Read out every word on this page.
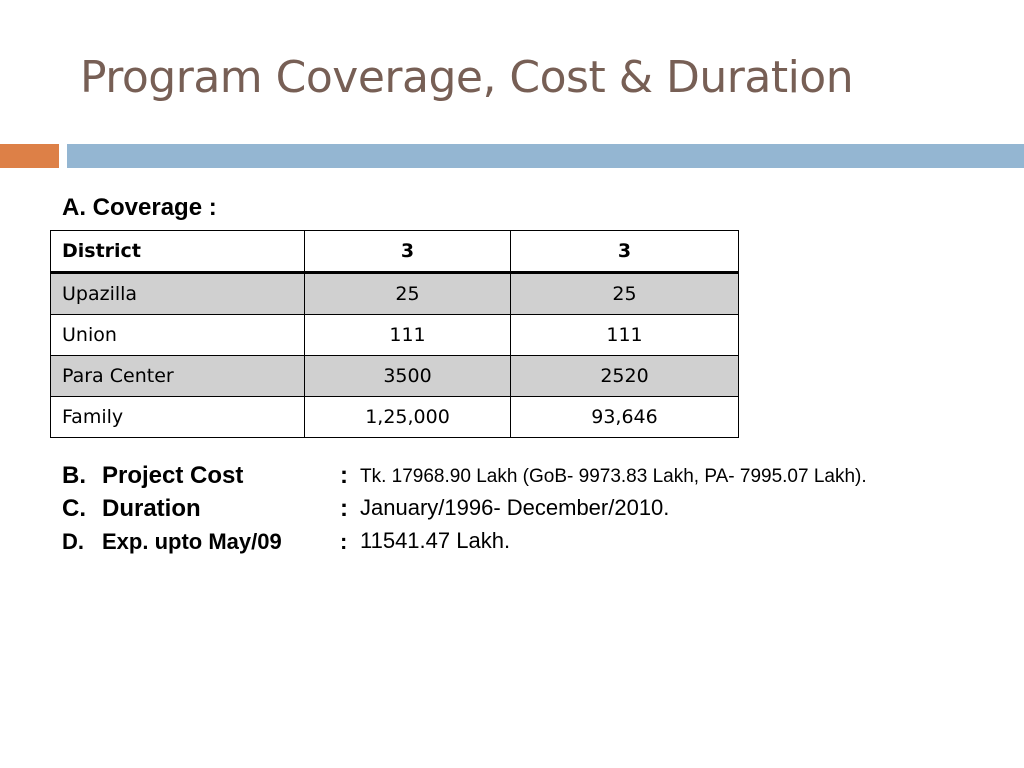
Program Coverage, Cost & Duration
A. Coverage :
District	3	3
Upazilla	25	25
Union	111	111
Para Center	3500	2520
Family	1,25,000	93,646
B. Project Cost	: Tk. 17968.90 Lakh (GoB- 9973.83 Lakh, PA- 7995.07 Lakh).
C. Duration	: January/1996- December/2010.
D. Exp. upto May/09	: 11541.47 Lakh.
